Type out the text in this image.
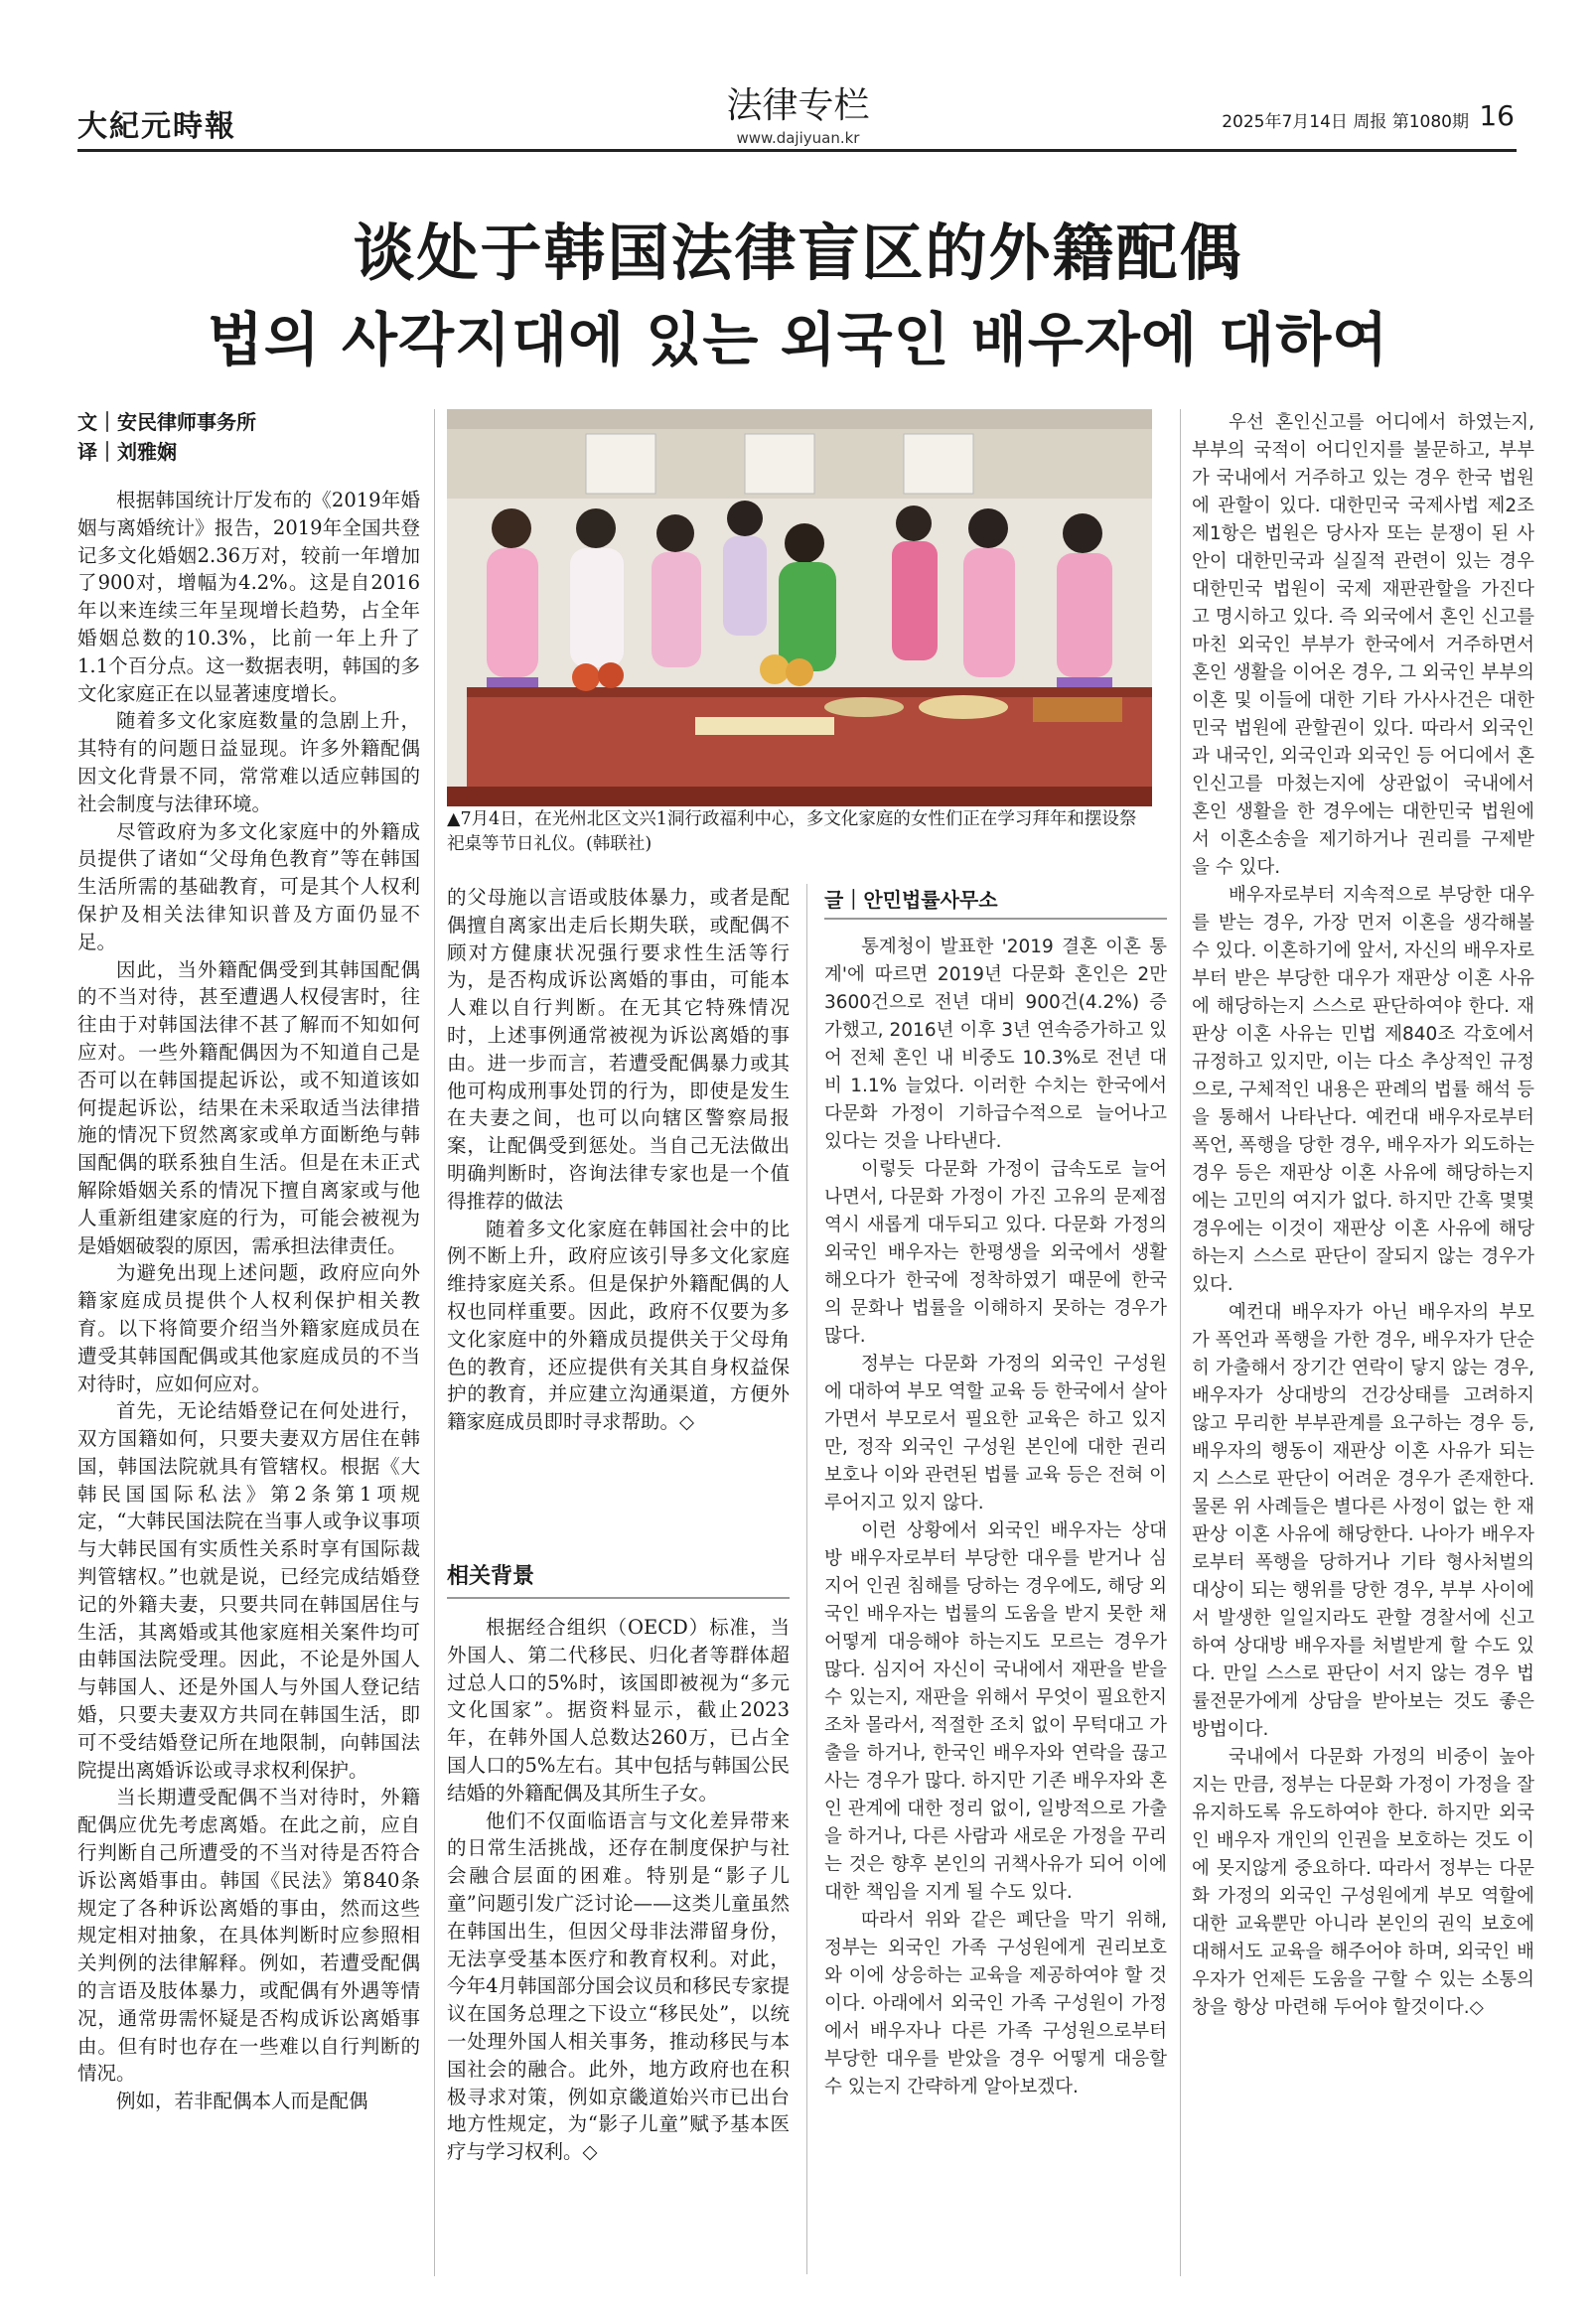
大紀元時報
法律专栏
www.dajiyuan.kr
2025年7月14日 周报 第1080期 16
谈处于韩国法律盲区的外籍配偶
법의 사각지대에 있는 외국인 배우자에 대하여
文｜安民律师事务所
译｜刘雅娴

根据韩国统计厅发布的《2019年婚姻与离婚统计》报告，2019年全国共登记多文化婚姻2.36万对，较前一年增加了900对，增幅为4.2%。这是自2016年以来连续三年呈现增长趋势，占全年婚姻总数的10.3%，比前一年上升了1.1个百分点。这一数据表明，韩国的多文化家庭正在以显著速度增长。

随着多文化家庭数量的急剧上升，其特有的问题日益显现。许多外籍配偶因文化背景不同，常常难以适应韩国的社会制度与法律环境。

尽管政府为多文化家庭中的外籍成员提供了诸如“父母角色教育”等在韩国生活所需的基础教育，可是其个人权利保护及相关法律知识普及方面仍显不足。

因此，当外籍配偶受到其韩国配偶的不当对待，甚至遭遇人权侵害时，往往由于对韩国法律不甚了解而不知如何应对。一些外籍配偶因为不知道自己是否可以在韩国提起诉讼，或不知道该如何提起诉讼，结果在未采取适当法律措施的情况下贸然离家或单方面断绝与韩国配偶的联系独自生活。但是在未正式解除婚姻关系的情况下擅自离家或与他人重新组建家庭的行为，可能会被视为是婚姻破裂的原因，需承担法律责任。

为避免出现上述问题，政府应向外籍家庭成员提供个人权利保护相关教育。以下将简要介绍当外籍家庭成员在遭受其韩国配偶或其他家庭成员的不当对待时，应如何应对。

首先，无论结婚登记在何处进行，双方国籍如何，只要夫妻双方居住在韩国，韩国法院就具有管辖权。根据《大韩民国国际私法》第2条第1项规定，“大韩民国法院在当事人或争议事项与大韩民国有实质性关系时享有国际裁判管辖权。”也就是说，已经完成结婚登记的外籍夫妻，只要共同在韩国居住与生活，其离婚或其他家庭相关案件均可由韩国法院受理。因此，不论是外国人与韩国人、还是外国人与外国人登记结婚，只要夫妻双方共同在韩国生活，即可不受结婚登记所在地限制，向韩国法院提出离婚诉讼或寻求权利保护。

当长期遭受配偶不当对待时，外籍配偶应优先考虑离婚。在此之前，应自行判断自己所遭受的不当对待是否符合诉讼离婚事由。韩国《民法》第840条规定了各种诉讼离婚的事由，然而这些规定相对抽象，在具体判断时应参照相关判例的法律解释。例如，若遭受配偶的言语及肢体暴力，或配偶有外遇等情况，通常毋需怀疑是否构成诉讼离婚事由。但有时也存在一些难以自行判断的情况。

例如，若非配偶本人而是配偶

▲7月4日，在光州北区文兴1洞行政福利中心，多文化家庭的女性们正在学习拜年和摆设祭祀桌等节日礼仪。(韩联社)

的父母施以言语或肢体暴力，或者是配偶擅自离家出走后长期失联，或配偶不顾对方健康状况强行要求性生活等行为，是否构成诉讼离婚的事由，可能本人难以自行判断。在无其它特殊情况时，上述事例通常被视为诉讼离婚的事由。进一步而言，若遭受配偶暴力或其他可构成刑事处罚的行为，即使是发生在夫妻之间，也可以向辖区警察局报案，让配偶受到惩处。当自己无法做出明确判断时，咨询法律专家也是一个值得推荐的做法

随着多文化家庭在韩国社会中的比例不断上升，政府应该引导多文化家庭维持家庭关系。但是保护外籍配偶的人权也同样重要。因此，政府不仅要为多文化家庭中的外籍成员提供关于父母角色的教育，还应提供有关其自身权益保护的教育，并应建立沟通渠道，方便外籍家庭成员即时寻求帮助。◇

相关背景

根据经合组织（OECD）标准，当外国人、第二代移民、归化者等群体超过总人口的5%时，该国即被视为“多元文化国家”。据资料显示，截止2023年，在韩外国人总数达260万，已占全国人口的5%左右。其中包括与韩国公民结婚的外籍配偶及其所生子女。

他们不仅面临语言与文化差异带来的日常生活挑战，还存在制度保护与社会融合层面的困难。特别是“影子儿童”问题引发广泛讨论——这类儿童虽然在韩国出生，但因父母非法滞留身份，无法享受基本医疗和教育权利。对此，今年4月韩国部分国会议员和移民专家提议在国务总理之下设立“移民处”，以统一处理外国人相关事务，推动移民与本国社会的融合。此外，地方政府也在积极寻求对策，例如京畿道始兴市已出台地方性规定，为“影子儿童”赋予基本医疗与学习权利。◇

글｜안민법률사무소

통계청이 발표한 '2019 결혼 이혼 통계'에 따르면 2019년 다문화 혼인은 2만3600건으로 전년 대비 900건(4.2%) 증가했고, 2016년 이후 3년 연속증가하고 있어 전체 혼인 내 비중도 10.3%로 전년 대비 1.1% 늘었다. 이러한 수치는 한국에서 다문화 가정이 기하급수적으로 늘어나고 있다는 것을 나타낸다.

이렇듯 다문화 가정이 급속도로 늘어나면서, 다문화 가정이 가진 고유의 문제점 역시 새롭게 대두되고 있다. 다문화 가정의 외국인 배우자는 한평생을 외국에서 생활해오다가 한국에 정착하였기 때문에 한국의 문화나 법률을 이해하지 못하는 경우가 많다.

정부는 다문화 가정의 외국인 구성원에 대하여 부모 역할 교육 등 한국에서 살아가면서 부모로서 필요한 교육은 하고 있지만, 정작 외국인 구성원 본인에 대한 권리 보호나 이와 관련된 법률 교육 등은 전혀 이루어지고 있지 않다.

이런 상황에서 외국인 배우자는 상대방 배우자로부터 부당한 대우를 받거나 심지어 인권 침해를 당하는 경우에도, 해당 외국인 배우자는 법률의 도움을 받지 못한 채 어떻게 대응해야 하는지도 모르는 경우가 많다. 심지어 자신이 국내에서 재판을 받을 수 있는지, 재판을 위해서 무엇이 필요한지조차 몰라서, 적절한 조치 없이 무턱대고 가출을 하거나, 한국인 배우자와 연락을 끊고 사는 경우가 많다. 하지만 기존 배우자와 혼인 관계에 대한 정리 없이, 일방적으로 가출을 하거나, 다른 사람과 새로운 가정을 꾸리는 것은 향후 본인의 귀책사유가 되어 이에 대한 책임을 지게 될 수도 있다.

따라서 위와 같은 폐단을 막기 위해, 정부는 외국인 가족 구성원에게 권리보호와 이에 상응하는 교육을 제공하여야 할 것이다. 아래에서 외국인 가족 구성원이 가정에서 배우자나 다른 가족 구성원으로부터 부당한 대우를 받았을 경우 어떻게 대응할 수 있는지 간략하게 알아보겠다.

우선 혼인신고를 어디에서 하였는지, 부부의 국적이 어디인지를 불문하고, 부부가 국내에서 거주하고 있는 경우 한국 법원에 관할이 있다. 대한민국 국제사법 제2조 제1항은 법원은 당사자 또는 분쟁이 된 사안이 대한민국과 실질적 관련이 있는 경우 대한민국 법원이 국제 재판관할을 가진다고 명시하고 있다. 즉 외국에서 혼인 신고를 마친 외국인 부부가 한국에서 거주하면서 혼인 생활을 이어온 경우, 그 외국인 부부의 이혼 및 이들에 대한 기타 가사사건은 대한민국 법원에 관할권이 있다. 따라서 외국인과 내국인, 외국인과 외국인 등 어디에서 혼인신고를 마쳤는지에 상관없이 국내에서 혼인 생활을 한 경우에는 대한민국 법원에서 이혼소송을 제기하거나 권리를 구제받을 수 있다.

배우자로부터 지속적으로 부당한 대우를 받는 경우, 가장 먼저 이혼을 생각해볼 수 있다. 이혼하기에 앞서, 자신의 배우자로부터 받은 부당한 대우가 재판상 이혼 사유에 해당하는지 스스로 판단하여야 한다. 재판상 이혼 사유는 민법 제840조 각호에서 규정하고 있지만, 이는 다소 추상적인 규정으로, 구체적인 내용은 판례의 법률 해석 등을 통해서 나타난다. 예컨대 배우자로부터 폭언, 폭행을 당한 경우, 배우자가 외도하는 경우 등은 재판상 이혼 사유에 해당하는지에는 고민의 여지가 없다. 하지만 간혹 몇몇 경우에는 이것이 재판상 이혼 사유에 해당하는지 스스로 판단이 잘되지 않는 경우가 있다.

예컨대 배우자가 아닌 배우자의 부모가 폭언과 폭행을 가한 경우, 배우자가 단순히 가출해서 장기간 연락이 닿지 않는 경우, 배우자가 상대방의 건강상태를 고려하지 않고 무리한 부부관계를 요구하는 경우 등, 배우자의 행동이 재판상 이혼 사유가 되는지 스스로 판단이 어려운 경우가 존재한다. 물론 위 사례들은 별다른 사정이 없는 한 재판상 이혼 사유에 해당한다. 나아가 배우자로부터 폭행을 당하거나 기타 형사처벌의 대상이 되는 행위를 당한 경우, 부부 사이에서 발생한 일일지라도 관할 경찰서에 신고하여 상대방 배우자를 처벌받게 할 수도 있다. 만일 스스로 판단이 서지 않는 경우 법률전문가에게 상담을 받아보는 것도 좋은 방법이다.

국내에서 다문화 가정의 비중이 높아지는 만큼, 정부는 다문화 가정이 가정을 잘 유지하도록 유도하여야 한다. 하지만 외국인 배우자 개인의 인권을 보호하는 것도 이에 못지않게 중요하다. 따라서 정부는 다문화 가정의 외국인 구성원에게 부모 역할에 대한 교육뿐만 아니라 본인의 권익 보호에 대해서도 교육을 해주어야 하며, 외국인 배우자가 언제든 도움을 구할 수 있는 소통의 창을 항상 마련해 두어야 할것이다.◇
